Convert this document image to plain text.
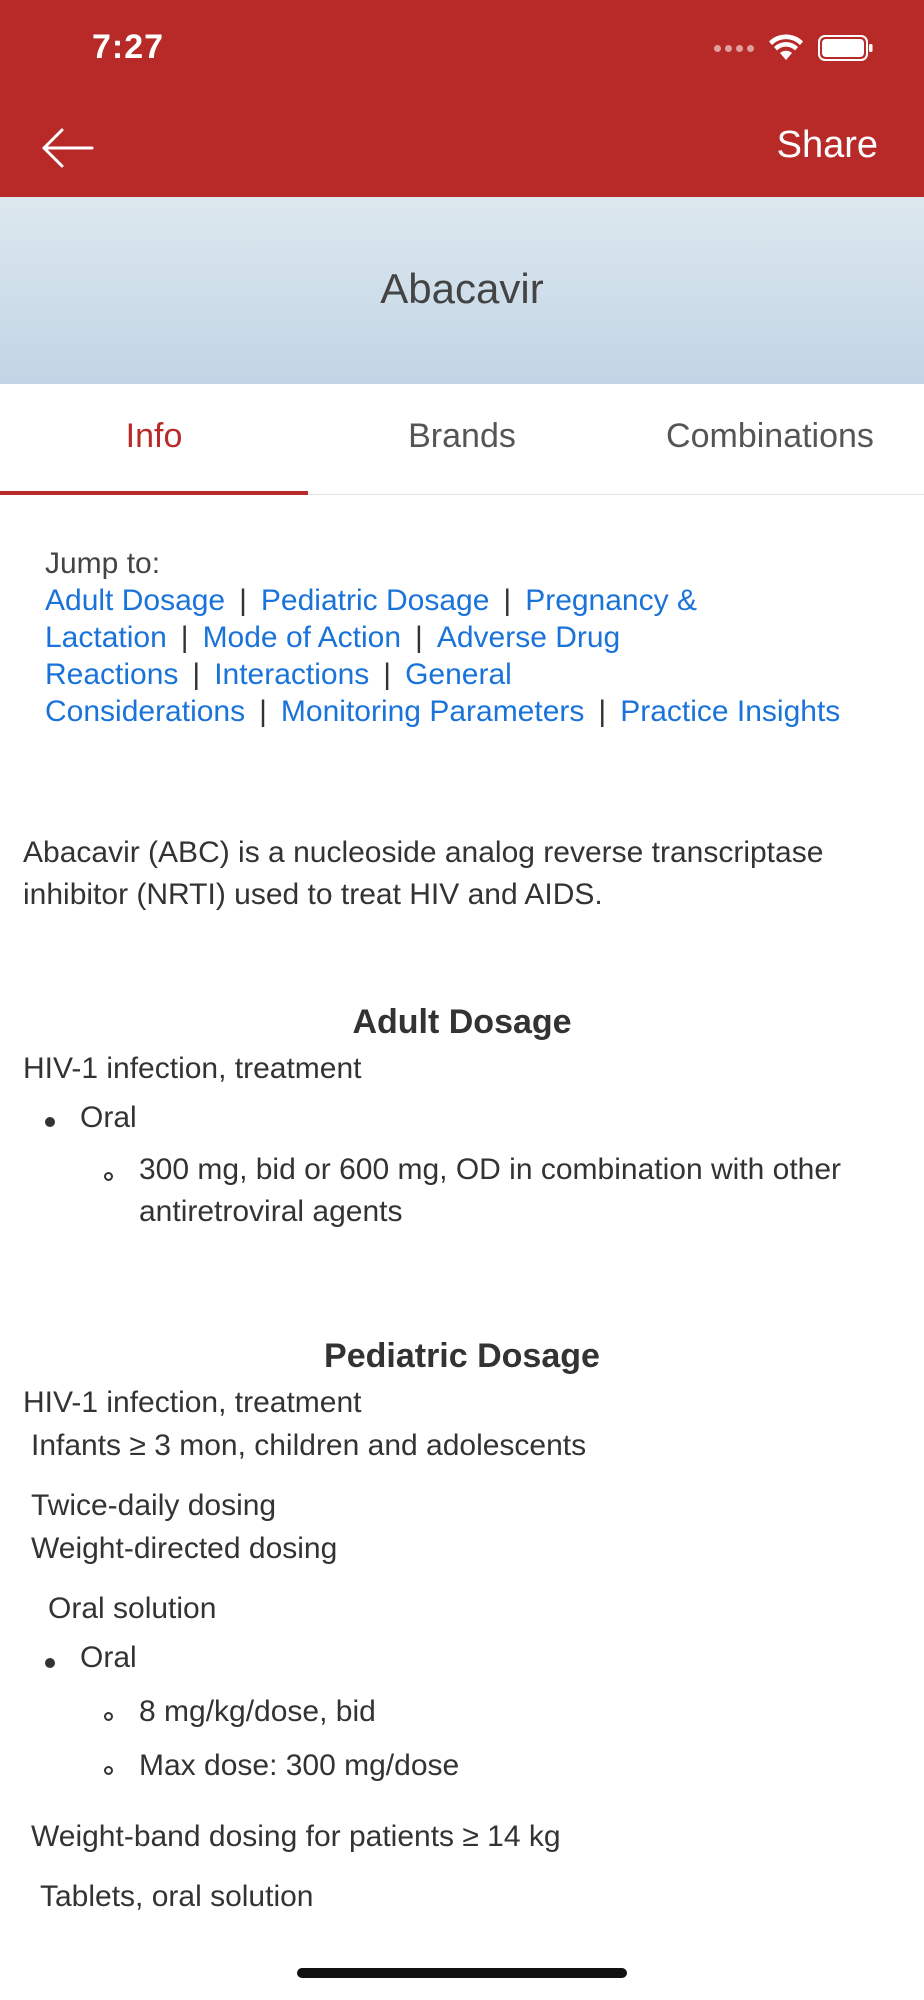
7:27
Share
Abacavir
Info	Brands	Combinations
Jump to:
Adult Dosage | Pediatric Dosage | Pregnancy & Lactation | Mode of Action | Adverse Drug Reactions | Interactions | General Considerations | Monitoring Parameters | Practice Insights
Abacavir (ABC) is a nucleoside analog reverse transcriptase inhibitor (NRTI) used to treat HIV and AIDS.
Adult Dosage
HIV-1 infection, treatment
Oral
300 mg, bid or 600 mg, OD in combination with other antiretroviral agents
Pediatric Dosage
HIV-1 infection, treatment
Infants ≥ 3 mon, children and adolescents
Twice-daily dosing
Weight-directed dosing
Oral solution
Oral
8 mg/kg/dose, bid
Max dose: 300 mg/dose
Weight-band dosing for patients ≥ 14 kg
Tablets, oral solution
